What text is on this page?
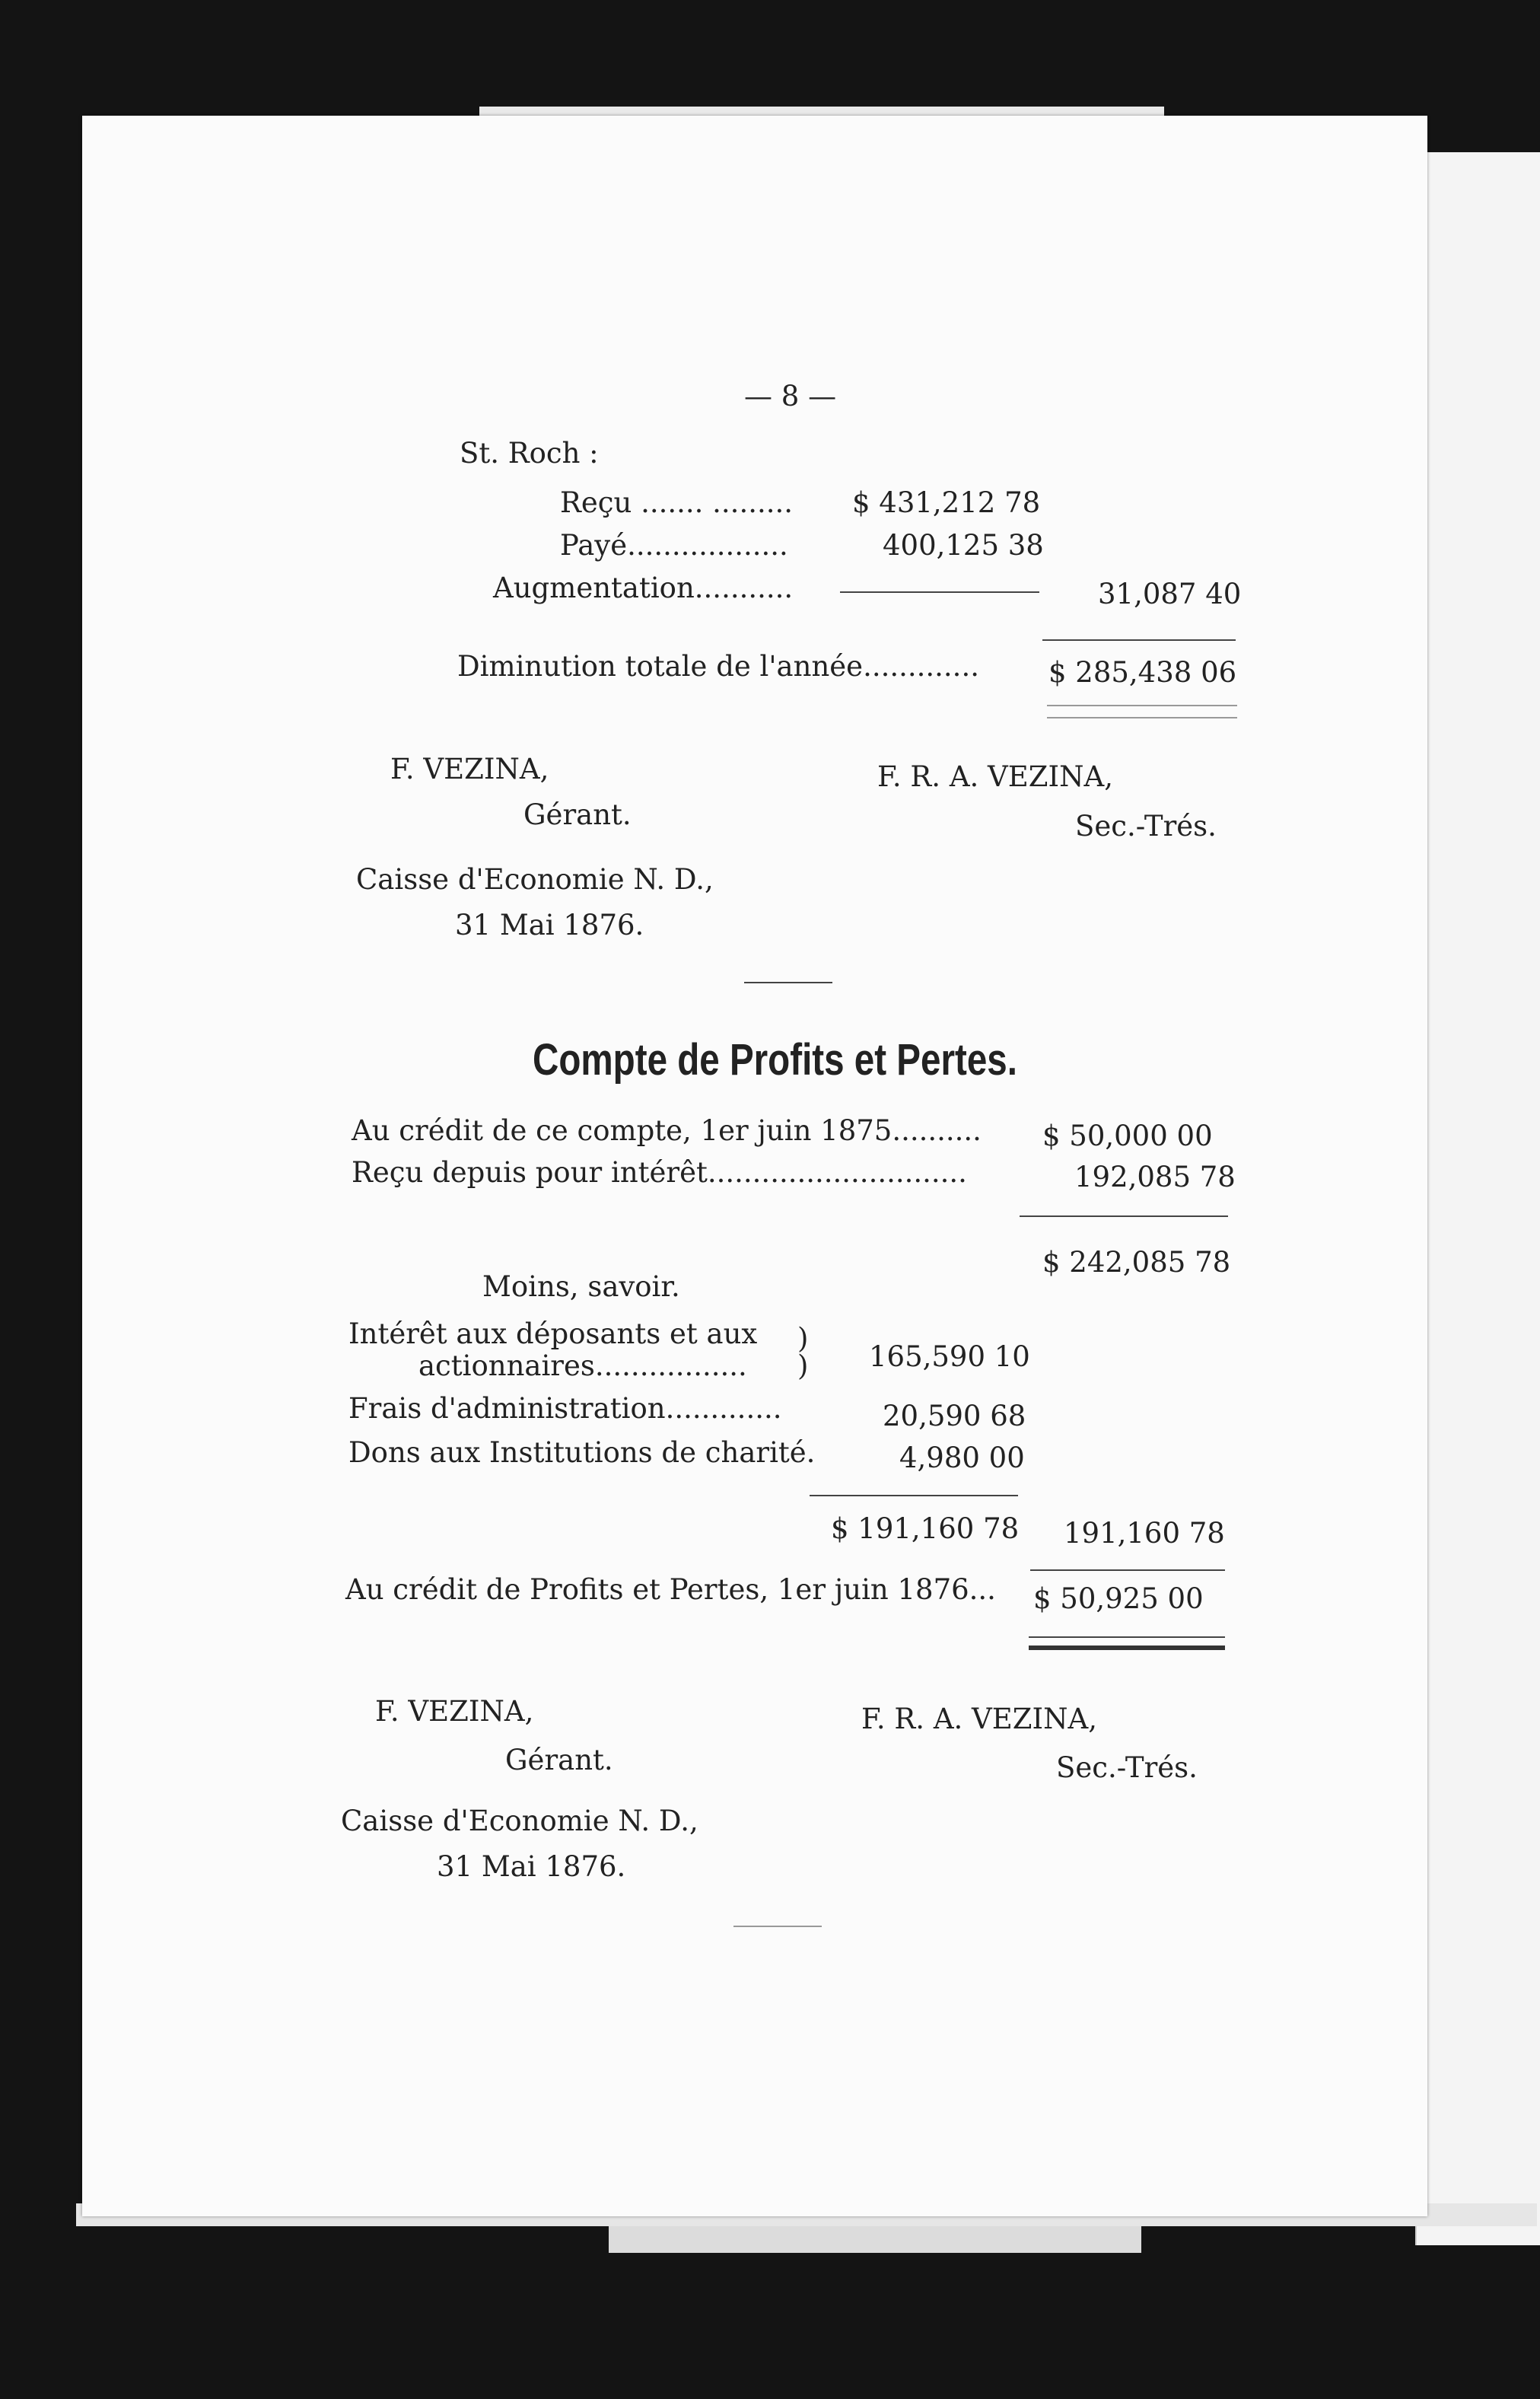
— 8 —
St. Roch :
Reçu ....... ......... $ 431,212 78
Payé..................	400,125 38
Augmentation...........	31,087 40
Diminution totale de l'année............. $ 285,438 06
F. VEZINA,
Gérant.
F. R. A. VEZINA,
Sec.-Trés.
Caisse d'Economie N. D.,
31 Mai 1876.
Compte de Profits et Pertes.
Au crédit de ce compte, 1er juin 1875.......... $ 50,000 00
Reçu depuis pour intérêt.............................	192,085 78
$ 242,085 78
Moins, savoir.
Intérêt aux déposants et aux
actionnaires.................
)
) 165,590 10
Frais d'administration.............	20,590 68
Dons aux Institutions de charité.	4,980 00
$ 191,160 78 191,160 78
Au crédit de Profits et Pertes, 1er juin 1876... $ 50,925 00
F. VEZINA,
Gérant.
F. R. A. VEZINA,
Sec.-Trés.
Caisse d'Economie N. D.,
31 Mai 1876.
